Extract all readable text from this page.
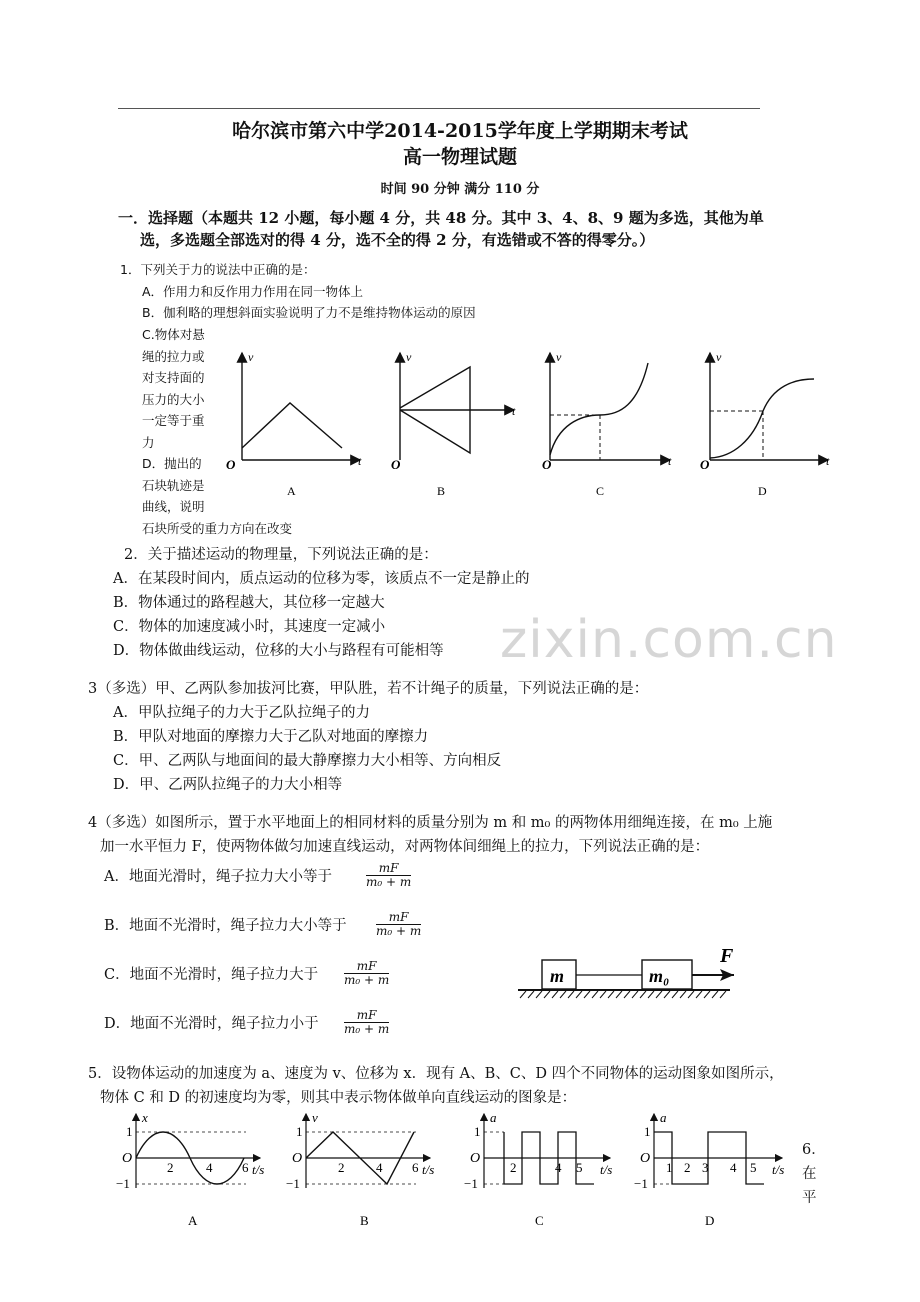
zixin.com.cn
哈尔滨市第六中学2014-2015学年度上学期期末考试
高一物理试题
时间 90 分钟 满分 110 分
一．选择题（本题共 12 小题，每小题 4 分，共 48 分。其中 3、4、8、9 题为多选，其他为单
选，多选题全部选对的得 4 分，选不全的得 2 分，有选错或不答的得零分。）
1．下列关于力的说法中正确的是：
A．作用力和反作用力作用在同一物体上
B．伽利略的理想斜面实验说明了力不是维持物体运动的原因
C.物体对悬
绳的拉力或
对支持面的
压力的大小
一定等于重
力
D．抛出的
石块轨迹是
曲线，说明
石块所受的重力方向在改变
O
v
t
A
O
v
t
B
O
v
t
C
O
v
t
D
2．关于描述运动的物理量，下列说法正确的是：
A．在某段时间内，质点运动的位移为零，该质点不一定是静止的
B．物体通过的路程越大，其位移一定越大
C．物体的加速度减小时，其速度一定减小
D．物体做曲线运动，位移的大小与路程有可能相等
3（多选）甲、乙两队参加拔河比赛，甲队胜，若不计绳子的质量，下列说法正确的是：
A．甲队拉绳子的力大于乙队拉绳子的力
B．甲队对地面的摩擦力大于乙队对地面的摩擦力
C．甲、乙两队与地面间的最大静摩擦力大小相等、方向相反
D．甲、乙两队拉绳子的力大小相等
4（多选）如图所示，置于水平地面上的相同材料的质量分别为 m 和 m₀ 的两物体用细绳连接，在 m₀ 上施
加一水平恒力 F，使两物体做匀加速直线运动，对两物体间细绳上的拉力，下列说法正确的是：
A．地面光滑时，绳子拉力大小等于	$\frac{mF}{\text{m₀ + m}}$
B．地面不光滑时，绳子拉力大小等于 $\frac{mF}{\text{m₀ + m}}$
C．地面不光滑时，绳子拉力大于 $\frac{mF}{\text{m₀ + m}}$
D．地面不光滑时，绳子拉力小于 $\frac{mF}{\text{m₀ + m}}$
m	m₀
F
5．设物体运动的加速度为 a、速度为 v、位移为 x．现有 A、B、C、D 四个不同物体的运动图象如图所示，
物体 C 和 D 的初速度均为零，则其中表示物体做单向直线运动的图象是：
x
1
O
−1
2	4 6 t/s
A
v
1
O
−1
2 4 6 t/s
B
a
1
O
−1
2	4 5 t/s
C
a
1
O
−1
1 2 3 4 5 t/s
D
6．
在
平
